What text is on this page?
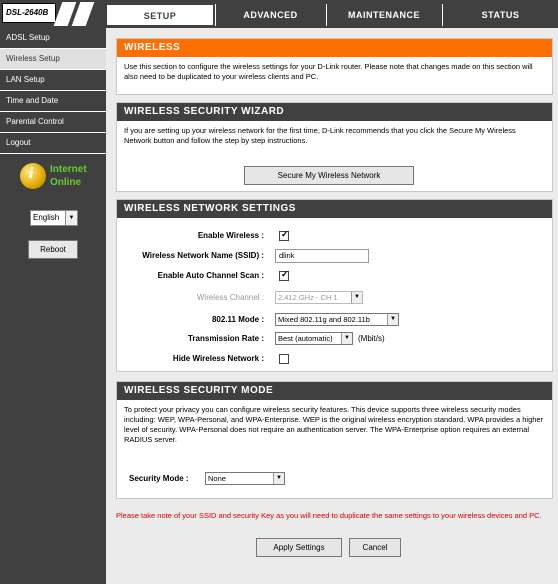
DSL-2640B	SETUP	ADVANCED	MAINTENANCE	STATUS
ADSL Setup
Wireless Setup
LAN Setup
Time and Date
Parental Control
Logout
i Internet
Online
English	▼
Reboot
WIRELESS
Use this section to configure the wireless settings for your D-Link router. Please note that changes made on this section will also need to be duplicated to your wireless clients and PC.
WIRELESS SECURITY WIZARD
If you are setting up your wireless network for the first time, D-Link recommends that you click the Secure My Wireless Network button and follow the step by step instructions.
Secure My Wireless Network
WIRELESS NETWORK SETTINGS
Enable Wireless : ✓
Wireless Network Name (SSID) :	dlink
Enable Auto Channel Scan : ✓
Wireless Channel :	2.412 GHz - CH 1	▼
802.11 Mode :	Mixed 802.11g and 802.11b	▼
Transmission Rate :	Best (automatic)	▼ (Mbit/s)
Hide Wireless Network :
WIRELESS SECURITY MODE
To protect your privacy you can configure wireless security features. This device supports three wireless security modes including: WEP, WPA-Personal, and WPA-Enterprise. WEP is the original wireless encryption standard. WPA provides a higher level of security. WPA-Personal does not require an authentication server. The WPA-Enterprise option requires an external RADIUS server.
Security Mode :	None	▼
Please take note of your SSID and security Key as you will need to duplicate the same settings to your wireless devices and PC.
Apply Settings	Cancel
